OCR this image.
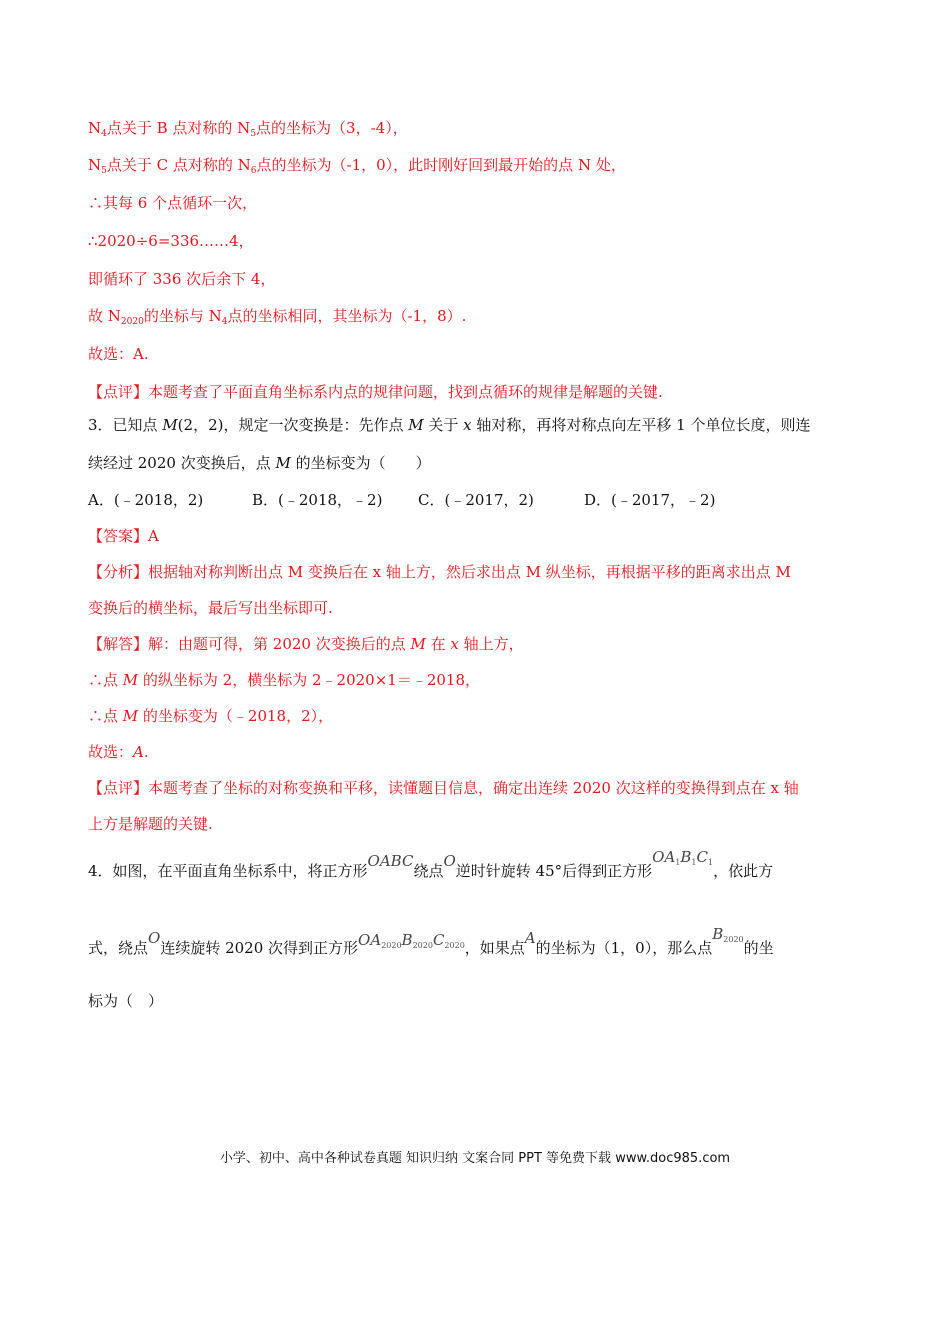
$N_4$点关于 B 点对称的 $N_5$点的坐标为（3，-4），
$N_5$点关于 C 点对称的 $N_6$点的坐标为（-1，0），此时刚好回到最开始的点 N 处，
∴其每 6 个点循环一次，
∴2020÷6=336……4，
即循环了 336 次后余下 4，
故 $N_{2020}$的坐标与 $N_4$点的坐标相同，其坐标为（-1，8）.
故选：A.
【点评】本题考查了平面直角坐标系内点的规律问题，找到点循环的规律是解题的关键.
3．已知点 M(2，2)，规定一次变换是：先作点 M 关于 x 轴对称，再将对称点向左平移 1 个单位长度，则连
续经过 2020 次变换后，点 M 的坐标变为（　　）
A．(﹣2018，2)	B．(﹣2018，﹣2) C．(﹣2017，2)	D．(﹣2017，﹣2)
【答案】A
【分析】根据轴对称判断出点 M 变换后在 x 轴上方，然后求出点 M 纵坐标，再根据平移的距离求出点 M
变换后的横坐标，最后写出坐标即可.
【解答】解：由题可得，第 2020 次变换后的点 M 在 x 轴上方，
∴点 M 的纵坐标为 2，横坐标为 2﹣2020×1＝﹣2018，
∴点 M 的坐标变为（﹣2018，2），
故选：A.
【点评】本题考查了坐标的对称变换和平移，读懂题目信息，确定出连续 2020 次这样的变换得到点在 x 轴
上方是解题的关键.
4．如图，在平面直角坐标系中，将正方形OABC绕点O逆时针旋转 45°后得到正方形$OA_1B_1C_1$，依此方
式，绕点O连续旋转 2020 次得到正方形$OA_{2020}B_{2020}C_{2020}$，如果点A的坐标为（1，0），那么点$B_{2020}$的坐
标为（　）
小学、初中、高中各种试卷真题 知识归纳 文案合同 PPT 等免费下载 www.doc985.com
